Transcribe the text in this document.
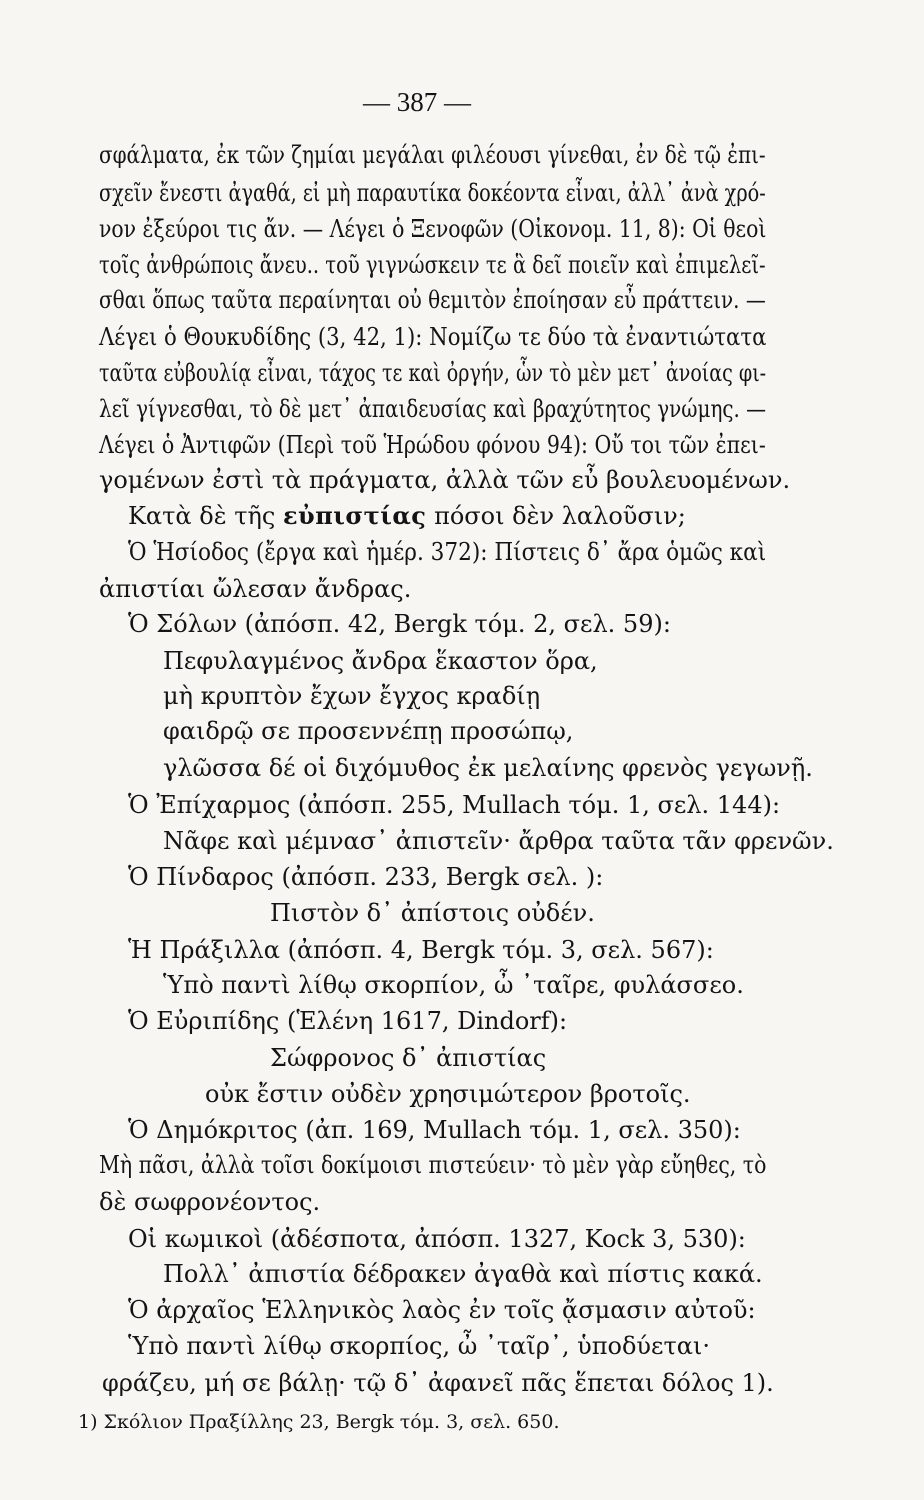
— 387 —
σφάλματα, ἐκ τῶν ζημίαι μεγάλαι φιλέουσι γίνεθαι, ἐν δὲ τῷ ἐπι-
σχεῖν ἔνεστι ἀγαθά, εἰ μὴ παραυτίκα δοκέοντα εἶναι, ἀλλ᾽ ἀνὰ χρό-
νον ἐξεύροι τις ἄν. — Λέγει ὁ Ξενοφῶν (Οἰκονομ. 11, 8): Οἱ θεοὶ
τοῖς ἀνθρώποις ἄνευ.. τοῦ γιγνώσκειν τε ἃ δεῖ ποιεῖν καὶ ἐπιμελεῖ-
σθαι ὅπως ταῦτα περαίνηται οὐ θεμιτὸν ἐποίησαν εὖ πράττειν. —
Λέγει ὁ Θουκυδίδης (3, 42, 1): Νομίζω τε δύο τὰ ἐναντιώτατα
ταῦτα εὐβουλίᾳ εἶναι, τάχος τε καὶ ὀργήν, ὧν τὸ μὲν μετ᾽ ἀνοίας φι-
λεῖ γίγνεσθαι, τὸ δὲ μετ᾽ ἀπαιδευσίας καὶ βραχύτητος γνώμης. —
Λέγει ὁ Ἀντιφῶν (Περὶ τοῦ Ἡρώδου φόνου 94): Οὔ τοι τῶν ἐπει-
γομένων ἐστὶ τὰ πράγματα, ἀλλὰ τῶν εὖ βουλευομένων.
Κατὰ δὲ τῆς εὐπιστίας πόσοι δὲν λαλοῦσιν;
Ὁ Ἡσίοδος (ἔργα καὶ ἡμέρ. 372): Πίστεις δ᾽ ἄρα ὁμῶς καὶ
ἀπιστίαι ὤλεσαν ἄνδρας.
Ὁ Σόλων (ἀπόσπ. 42, Bergk τόμ. 2, σελ. 59):
Πεφυλαγμένος ἄνδρα ἕκαστον ὅρα,
μὴ κρυπτὸν ἔχων ἔγχος κραδίῃ
φαιδρῷ σε προσεννέπῃ προσώπῳ,
γλῶσσα δέ οἱ διχόμυθος ἐκ μελαίνης φρενὸς γεγωνῇ.
Ὁ Ἐπίχαρμος (ἀπόσπ. 255, Mullach τόμ. 1, σελ. 144):
Νᾶφε καὶ μέμνασ᾽ ἀπιστεῖν· ἄρθρα ταῦτα τᾶν φρενῶν.
Ὁ Πίνδαρος (ἀπόσπ. 233, Bergk σελ. ):
Πιστὸν δ᾽ ἀπίστοις οὐδέν.
Ἡ Πράξιλλα (ἀπόσπ. 4, Bergk τόμ. 3, σελ. 567):
Ὑπὸ παντὶ λίθῳ σκορπίον, ὦ ᾽ταῖρε, φυλάσσεο.
Ὁ Εὐριπίδης (Ἑλένη 1617, Dindorf):
Σώφρονος δ᾽ ἀπιστίας
οὐκ ἔστιν οὐδὲν χρησιμώτερον βροτοῖς.
Ὁ Δημόκριτος (ἀπ. 169, Mullach τόμ. 1, σελ. 350):
Μὴ πᾶσι, ἀλλὰ τοῖσι δοκίμοισι πιστεύειν· τὸ μὲν γὰρ εὔηθες, τὸ
δὲ σωφρονέοντος.
Οἱ κωμικοὶ (ἀδέσποτα, ἀπόσπ. 1327, Kock 3, 530):
Πολλ᾽ ἀπιστία δέδρακεν ἀγαθὰ καὶ πίστις κακά.
Ὁ ἀρχαῖος Ἑλληνικὸς λαὸς ἐν τοῖς ᾄσμασιν αὐτοῦ:
Ὑπὸ παντὶ λίθῳ σκορπίος, ὦ ᾽ταῖρ᾽, ὑποδύεται·
φράζευ, μή σε βάλῃ· τῷ δ᾽ ἀφανεῖ πᾶς ἕπεται δόλος 1).
1) Σκόλιον Πραξίλλης 23, Bergk τόμ. 3, σελ. 650.
